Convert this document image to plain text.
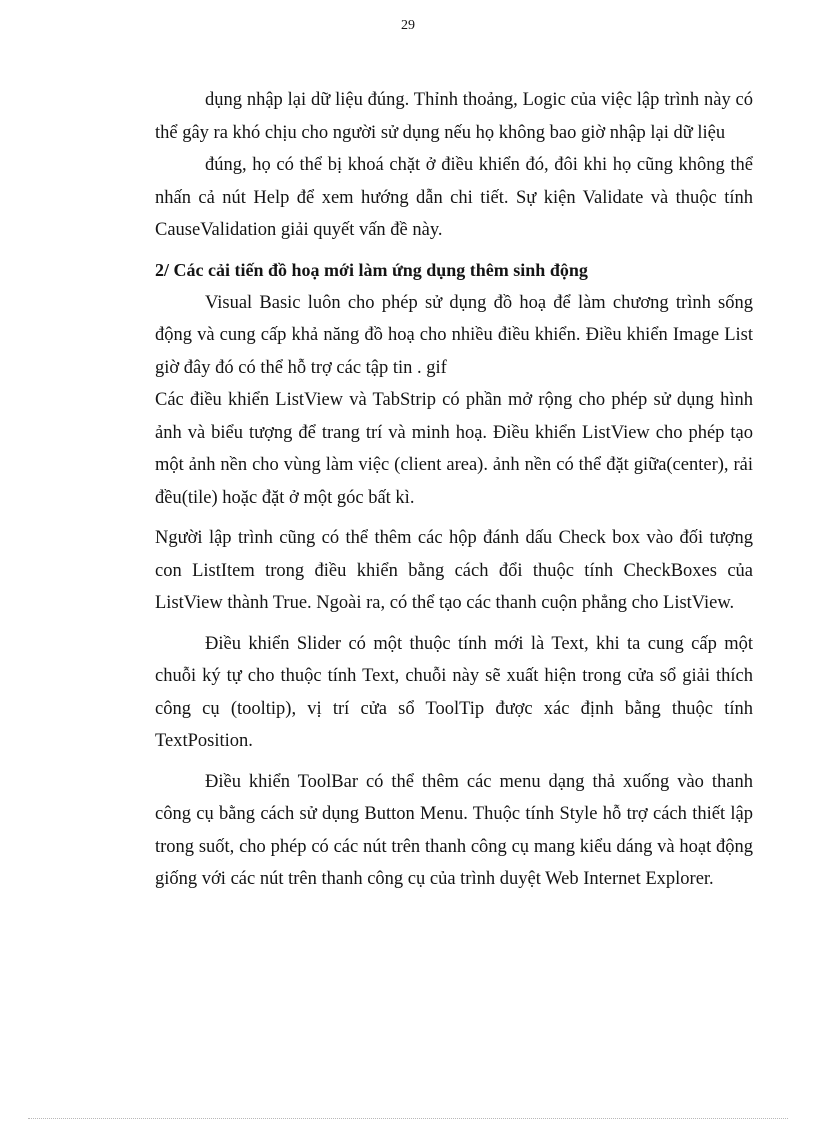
29

dụng nhập lại dữ liệu đúng. Thỉnh thoảng, Logic của việc lập trình này có thể gây ra khó chịu cho người sử dụng nếu họ không bao giờ nhập lại dữ liệu

đúng, họ có thể bị khoá chặt ở điều khiển đó, đôi khi họ cũng không thể nhấn cả nút Help để xem hướng dẫn chi tiết. Sự kiện Validate và thuộc tính CauseValidation giải quyết vấn đề này.

2/ Các cải tiến đồ hoạ mới làm ứng dụng thêm sinh động

Visual Basic luôn cho phép sử dụng đồ hoạ để làm chương trình sống động và cung cấp khả năng đồ hoạ cho nhiều điều khiển. Điều khiển Image List giờ đây đó có thể hỗ trợ các tập tin . gif

Các điều khiển ListView và TabStrip có phần mở rộng cho phép sử dụng hình ảnh và biểu tượng để trang trí và minh hoạ. Điều khiển ListView cho phép tạo một ảnh nền cho vùng làm việc (client area). ảnh nền có thể đặt giữa(center), rải đều(tile) hoặc đặt ở một góc bất kì.

Người lập trình cũng có thể thêm các hộp đánh dấu Check box vào đối tượng con ListItem trong điều khiển bằng cách đổi thuộc tính CheckBoxes của ListView thành True. Ngoài ra, có thể tạo các thanh cuộn phẳng cho ListView.

Điều khiển Slider có một thuộc tính mới là Text, khi ta cung cấp một chuỗi ký tự cho thuộc tính Text, chuỗi này sẽ xuất hiện trong cửa sổ giải thích công cụ (tooltip), vị trí cửa sổ ToolTip được xác định bằng thuộc tính TextPosition.

Điều khiển ToolBar có thể thêm các menu dạng thả xuống vào thanh công cụ bằng cách sử dụng Button Menu. Thuộc tính Style hỗ trợ cách thiết lập trong suốt, cho phép có các nút trên thanh công cụ mang kiểu dáng và hoạt động giống với các nút trên thanh công cụ của trình duyệt Web Internet Explorer.
